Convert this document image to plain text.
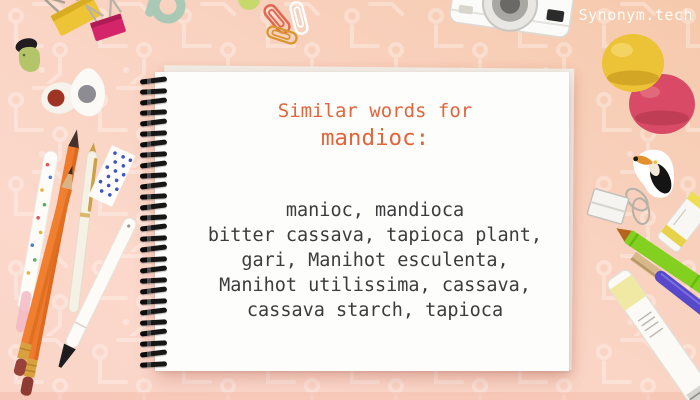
Similar words for
mandioc:
manioc, mandioca
bitter cassava, tapioca plant,
gari, Manihot esculenta,
Manihot utilissima, cassava,
cassava starch, tapioca
Synonym.tech
